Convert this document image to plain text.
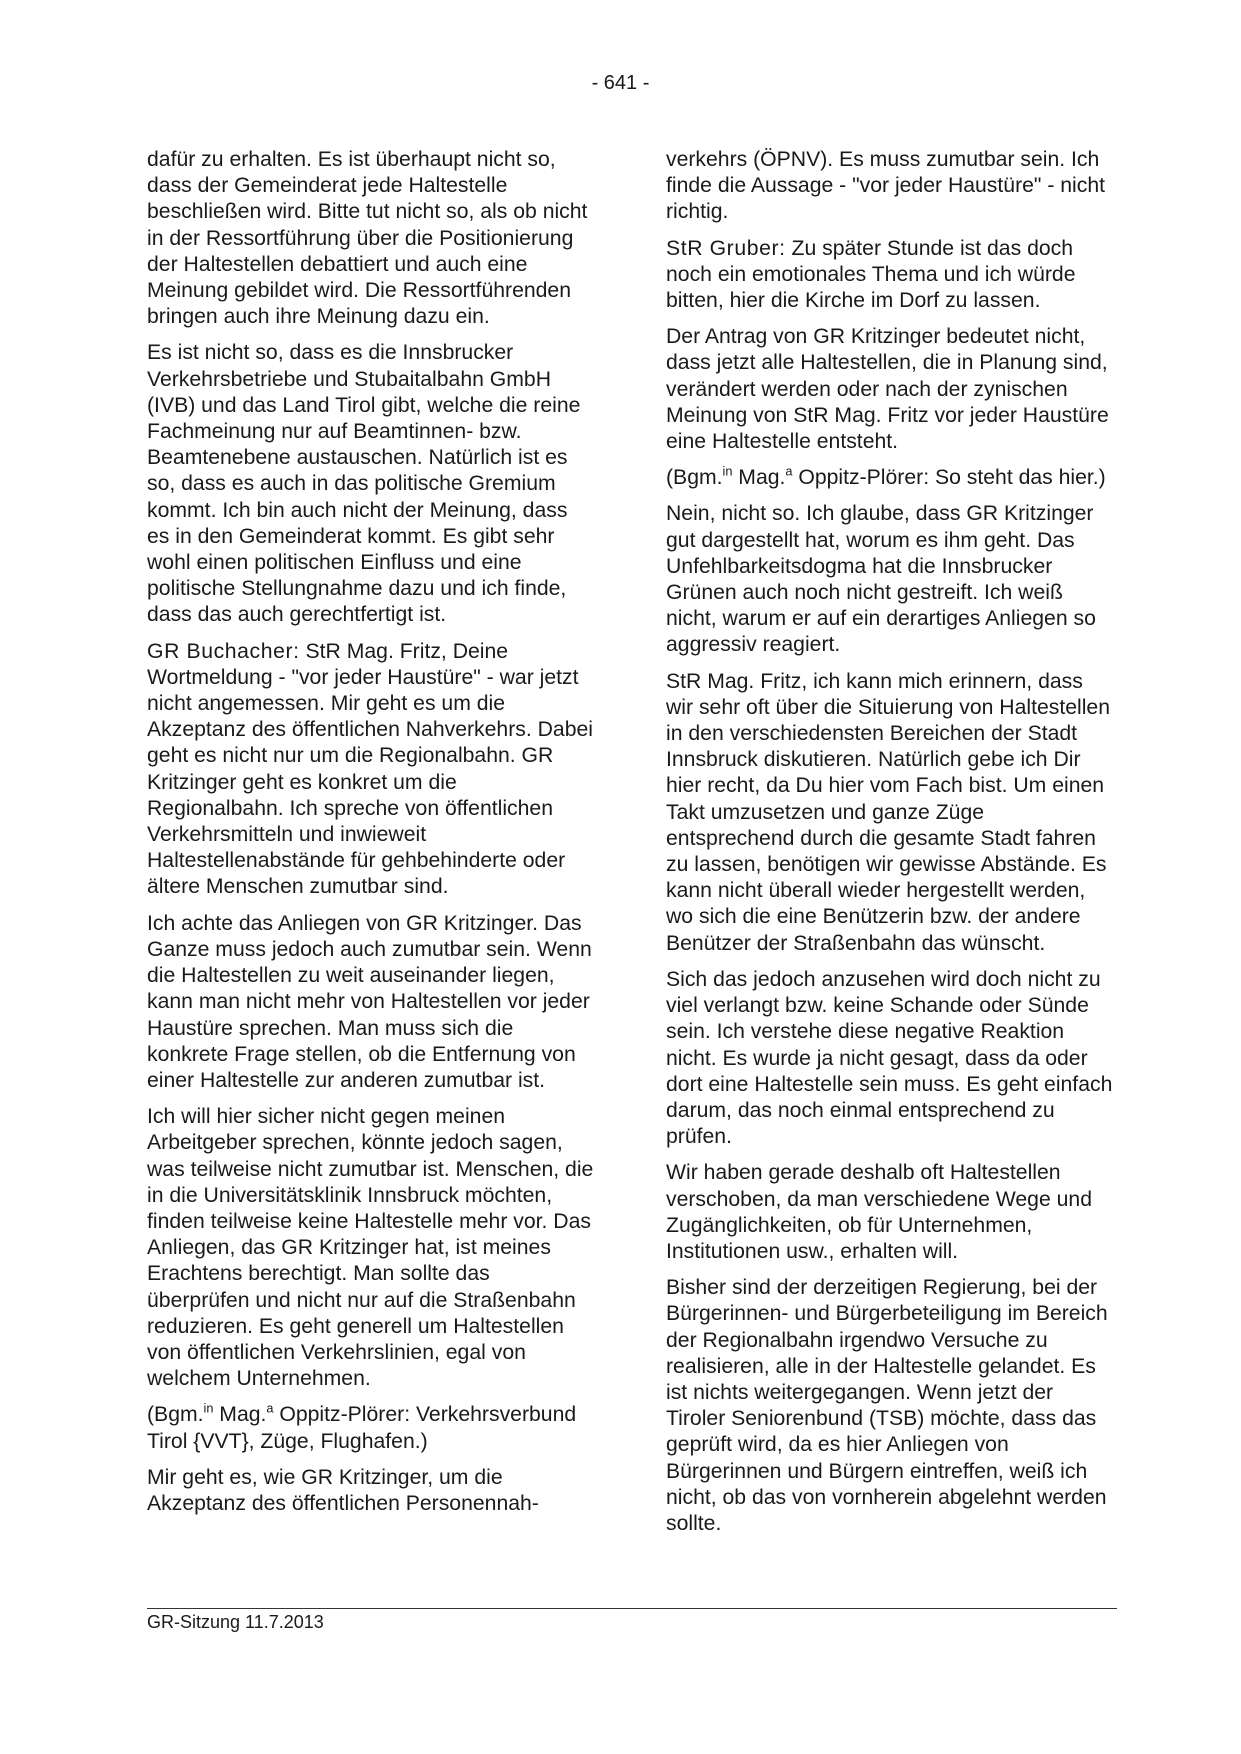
- 641 -

dafür zu erhalten. Es ist überhaupt nicht so, dass der Gemeinderat jede Haltestelle beschließen wird. Bitte tut nicht so, als ob nicht in der Ressortführung über die Positionierung der Haltestellen debattiert und auch eine Meinung gebildet wird. Die Ressortführenden bringen auch ihre Meinung dazu ein.

Es ist nicht so, dass es die Innsbrucker Verkehrsbetriebe und Stubaitalbahn GmbH (IVB) und das Land Tirol gibt, welche die reine Fachmeinung nur auf Beamtinnen- bzw. Beamtenebene austauschen. Natürlich ist es so, dass es auch in das politische Gremium kommt. Ich bin auch nicht der Meinung, dass es in den Gemeinderat kommt. Es gibt sehr wohl einen politischen Einfluss und eine politische Stellungnahme dazu und ich finde, dass das auch gerechtfertigt ist.

GR Buchacher: StR Mag. Fritz, Deine Wortmeldung - "vor jeder Haustüre" - war jetzt nicht angemessen. Mir geht es um die Akzeptanz des öffentlichen Nahverkehrs. Dabei geht es nicht nur um die Regionalbahn. GR Kritzinger geht es konkret um die Regionalbahn. Ich spreche von öffentlichen Verkehrsmitteln und inwieweit Haltestellenabstände für gehbehinderte oder ältere Menschen zumutbar sind.

Ich achte das Anliegen von GR Kritzinger. Das Ganze muss jedoch auch zumutbar sein. Wenn die Haltestellen zu weit auseinander liegen, kann man nicht mehr von Haltestellen vor jeder Haustüre sprechen. Man muss sich die konkrete Frage stellen, ob die Entfernung von einer Haltestelle zur anderen zumutbar ist.

Ich will hier sicher nicht gegen meinen Arbeitgeber sprechen, könnte jedoch sagen, was teilweise nicht zumutbar ist. Menschen, die in die Universitätsklinik Innsbruck möchten, finden teilweise keine Haltestelle mehr vor. Das Anliegen, das GR Kritzinger hat, ist meines Erachtens berechtigt. Man sollte das überprüfen und nicht nur auf die Straßenbahn reduzieren. Es geht generell um Haltestellen von öffentlichen Verkehrslinien, egal von welchem Unternehmen.

(Bgm.$^{in}$ Mag.$^a$ Oppitz-Plörer: Verkehrsverbund Tirol {VVT}, Züge, Flughafen.)

Mir geht es, wie GR Kritzinger, um die Akzeptanz des öffentlichen Personennah-

verkehrs (ÖPNV). Es muss zumutbar sein. Ich finde die Aussage - "vor jeder Haustüre" - nicht richtig.

StR Gruber: Zu später Stunde ist das doch noch ein emotionales Thema und ich würde bitten, hier die Kirche im Dorf zu lassen.

Der Antrag von GR Kritzinger bedeutet nicht, dass jetzt alle Haltestellen, die in Planung sind, verändert werden oder nach der zynischen Meinung von StR Mag. Fritz vor jeder Haustüre eine Haltestelle entsteht.

(Bgm.$^{in}$ Mag.$^a$ Oppitz-Plörer: So steht das hier.)

Nein, nicht so. Ich glaube, dass GR Kritzinger gut dargestellt hat, worum es ihm geht. Das Unfehlbarkeitsdogma hat die Innsbrucker Grünen auch noch nicht gestreift. Ich weiß nicht, warum er auf ein derartiges Anliegen so aggressiv reagiert.

StR Mag. Fritz, ich kann mich erinnern, dass wir sehr oft über die Situierung von Haltestellen in den verschiedensten Bereichen der Stadt Innsbruck diskutieren. Natürlich gebe ich Dir hier recht, da Du hier vom Fach bist. Um einen Takt umzusetzen und ganze Züge entsprechend durch die gesamte Stadt fahren zu lassen, benötigen wir gewisse Abstände. Es kann nicht überall wieder hergestellt werden, wo sich die eine Benützerin bzw. der andere Benützer der Straßenbahn das wünscht.

Sich das jedoch anzusehen wird doch nicht zu viel verlangt bzw. keine Schande oder Sünde sein. Ich verstehe diese negative Reaktion nicht. Es wurde ja nicht gesagt, dass da oder dort eine Haltestelle sein muss. Es geht einfach darum, das noch einmal entsprechend zu prüfen.

Wir haben gerade deshalb oft Haltestellen verschoben, da man verschiedene Wege und Zugänglichkeiten, ob für Unternehmen, Institutionen usw., erhalten will.

Bisher sind der derzeitigen Regierung, bei der Bürgerinnen- und Bürgerbeteiligung im Bereich der Regionalbahn irgendwo Versuche zu realisieren, alle in der Haltestelle gelandet. Es ist nichts weitergegangen. Wenn jetzt der Tiroler Seniorenbund (TSB) möchte, dass das geprüft wird, da es hier Anliegen von Bürgerinnen und Bürgern eintreffen, weiß ich nicht, ob das von vornherein abgelehnt werden sollte.

GR-Sitzung 11.7.2013
